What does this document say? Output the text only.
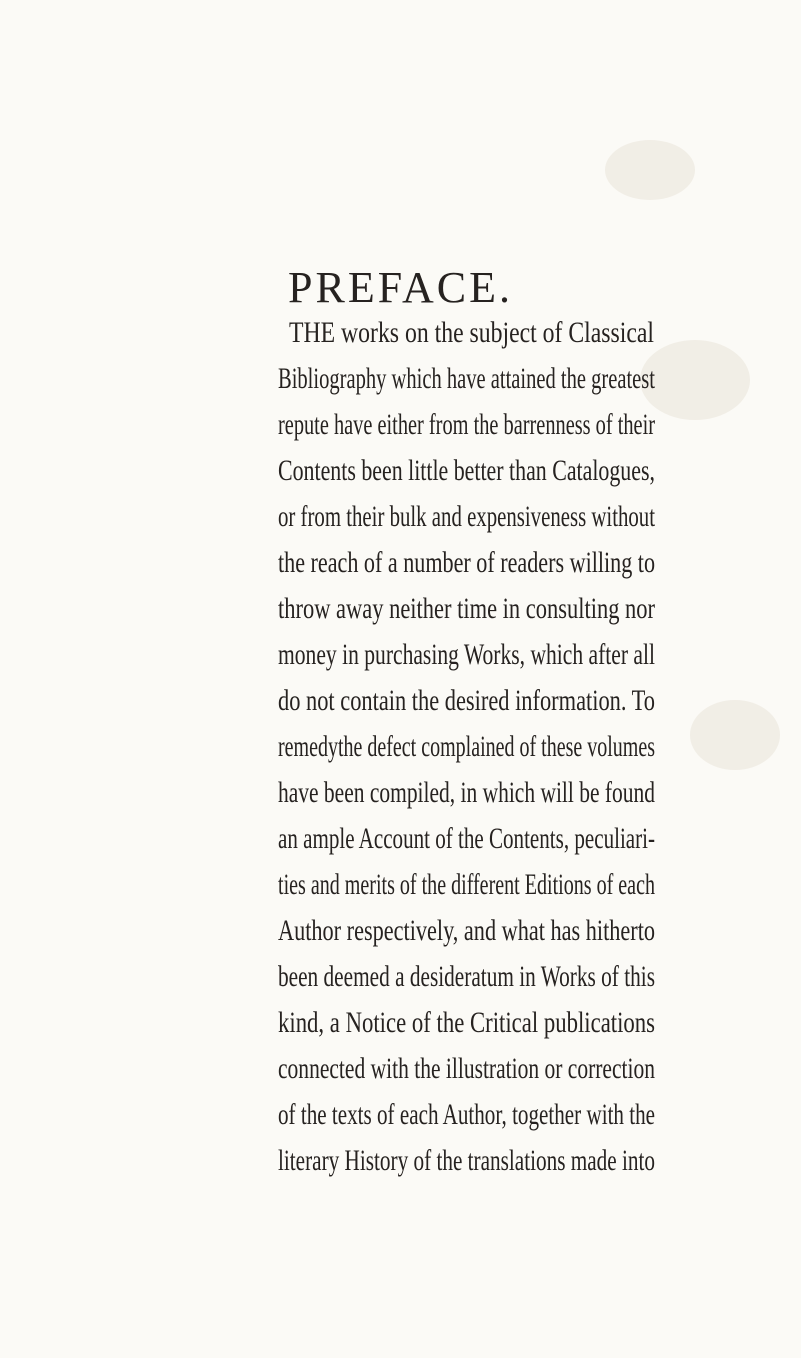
PREFACE.
THE works on the subject of Classical
Bibliography which have attained the greatest
repute have either from the barrenness of their
Contents been little better than Catalogues,
or from their bulk and expensiveness without
the reach of a number of readers willing to
throw away neither time in consulting nor
money in purchasing Works, which after all
do not contain the desired information. To
remedythe defect complained of these volumes
have been compiled, in which will be found
an ample Account of the Contents, peculiari-
ties and merits of the different Editions of each
Author respectively, and what has hitherto
been deemed a desideratum in Works of this
kind, a Notice of the Critical publications
connected with the illustration or correction
of the texts of each Author, together with the
literary History of the translations made into
